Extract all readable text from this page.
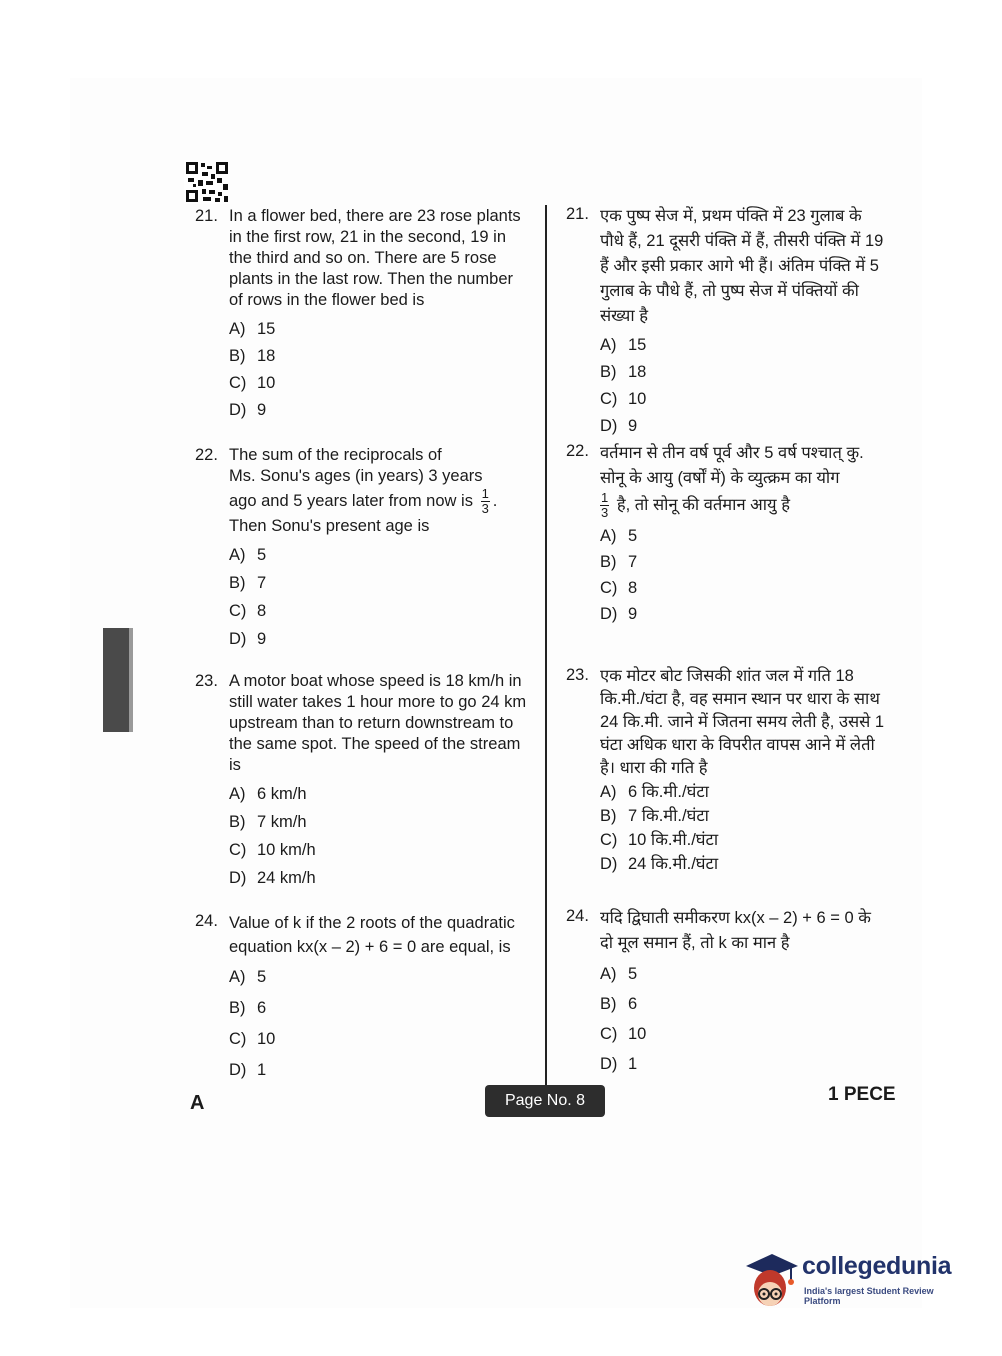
21. In a flower bed, there are 23 rose plants in the first row, 21 in the second, 19 in the third and so on. There are 5 rose plants in the last row. Then the number of rows in the flower bed is
A) 15
B) 18
C) 10
D) 9
22. The sum of the reciprocals of
Ms. Sonu's ages (in years) 3 years
ago and 5 years later from now is $\frac{1}{3}$ .
Then Sonu's present age is
A) 5
B) 7
C) 8
D) 9
23. A motor boat whose speed is 18 km/h in still water takes 1 hour more to go 24 km upstream than to return downstream to the same spot. The speed of the stream is
A) 6 km/h
B) 7 km/h
C) 10 km/h
D) 24 km/h
24. Value of k if the 2 roots of the quadratic equation kx(x – 2) + 6 = 0 are equal, is
A) 5
B) 6
C) 10
D) 1
21. एक पुष्प सेज में, प्रथम पंक्ति में 23 गुलाब के पौधे हैं, 21 दूसरी पंक्ति में हैं, तीसरी पंक्ति में 19 हैं और इसी प्रकार आगे भी हैं। अंतिम पंक्ति में 5 गुलाब के पौधे हैं, तो पुष्प सेज में पंक्तियों की संख्या है
A) 15
B) 18
C) 10
D) 9
22. वर्तमान से तीन वर्ष पूर्व और 5 वर्ष पश्चात् कु. सोनू के आयु (वर्षों में) के व्युत्क्रम का योग

$\frac{1}{3}$ है, तो सोनू की वर्तमान आयु है
A) 5
B) 7
C) 8
D) 9
23. एक मोटर बोट जिसकी शांत जल में गति 18 कि.मी./घंटा है, वह समान स्थान पर धारा के साथ 24 कि.मी. जाने में जितना समय लेती है, उससे 1 घंटा अधिक धारा के विपरीत वापस आने में लेती है। धारा की गति है
A) 6 कि.मी./घंटा
B) 7 कि.मी./घंटा
C) 10 कि.मी./घंटा
D) 24 कि.मी./घंटा
24. यदि द्विघाती समीकरण kx(x – 2) + 6 = 0 के दो मूल समान हैं, तो k का मान है
A) 5
B) 6
C) 10
D) 1
A	Page No. 8	1 PECE
collegedunia
India's largest Student Review Platform
